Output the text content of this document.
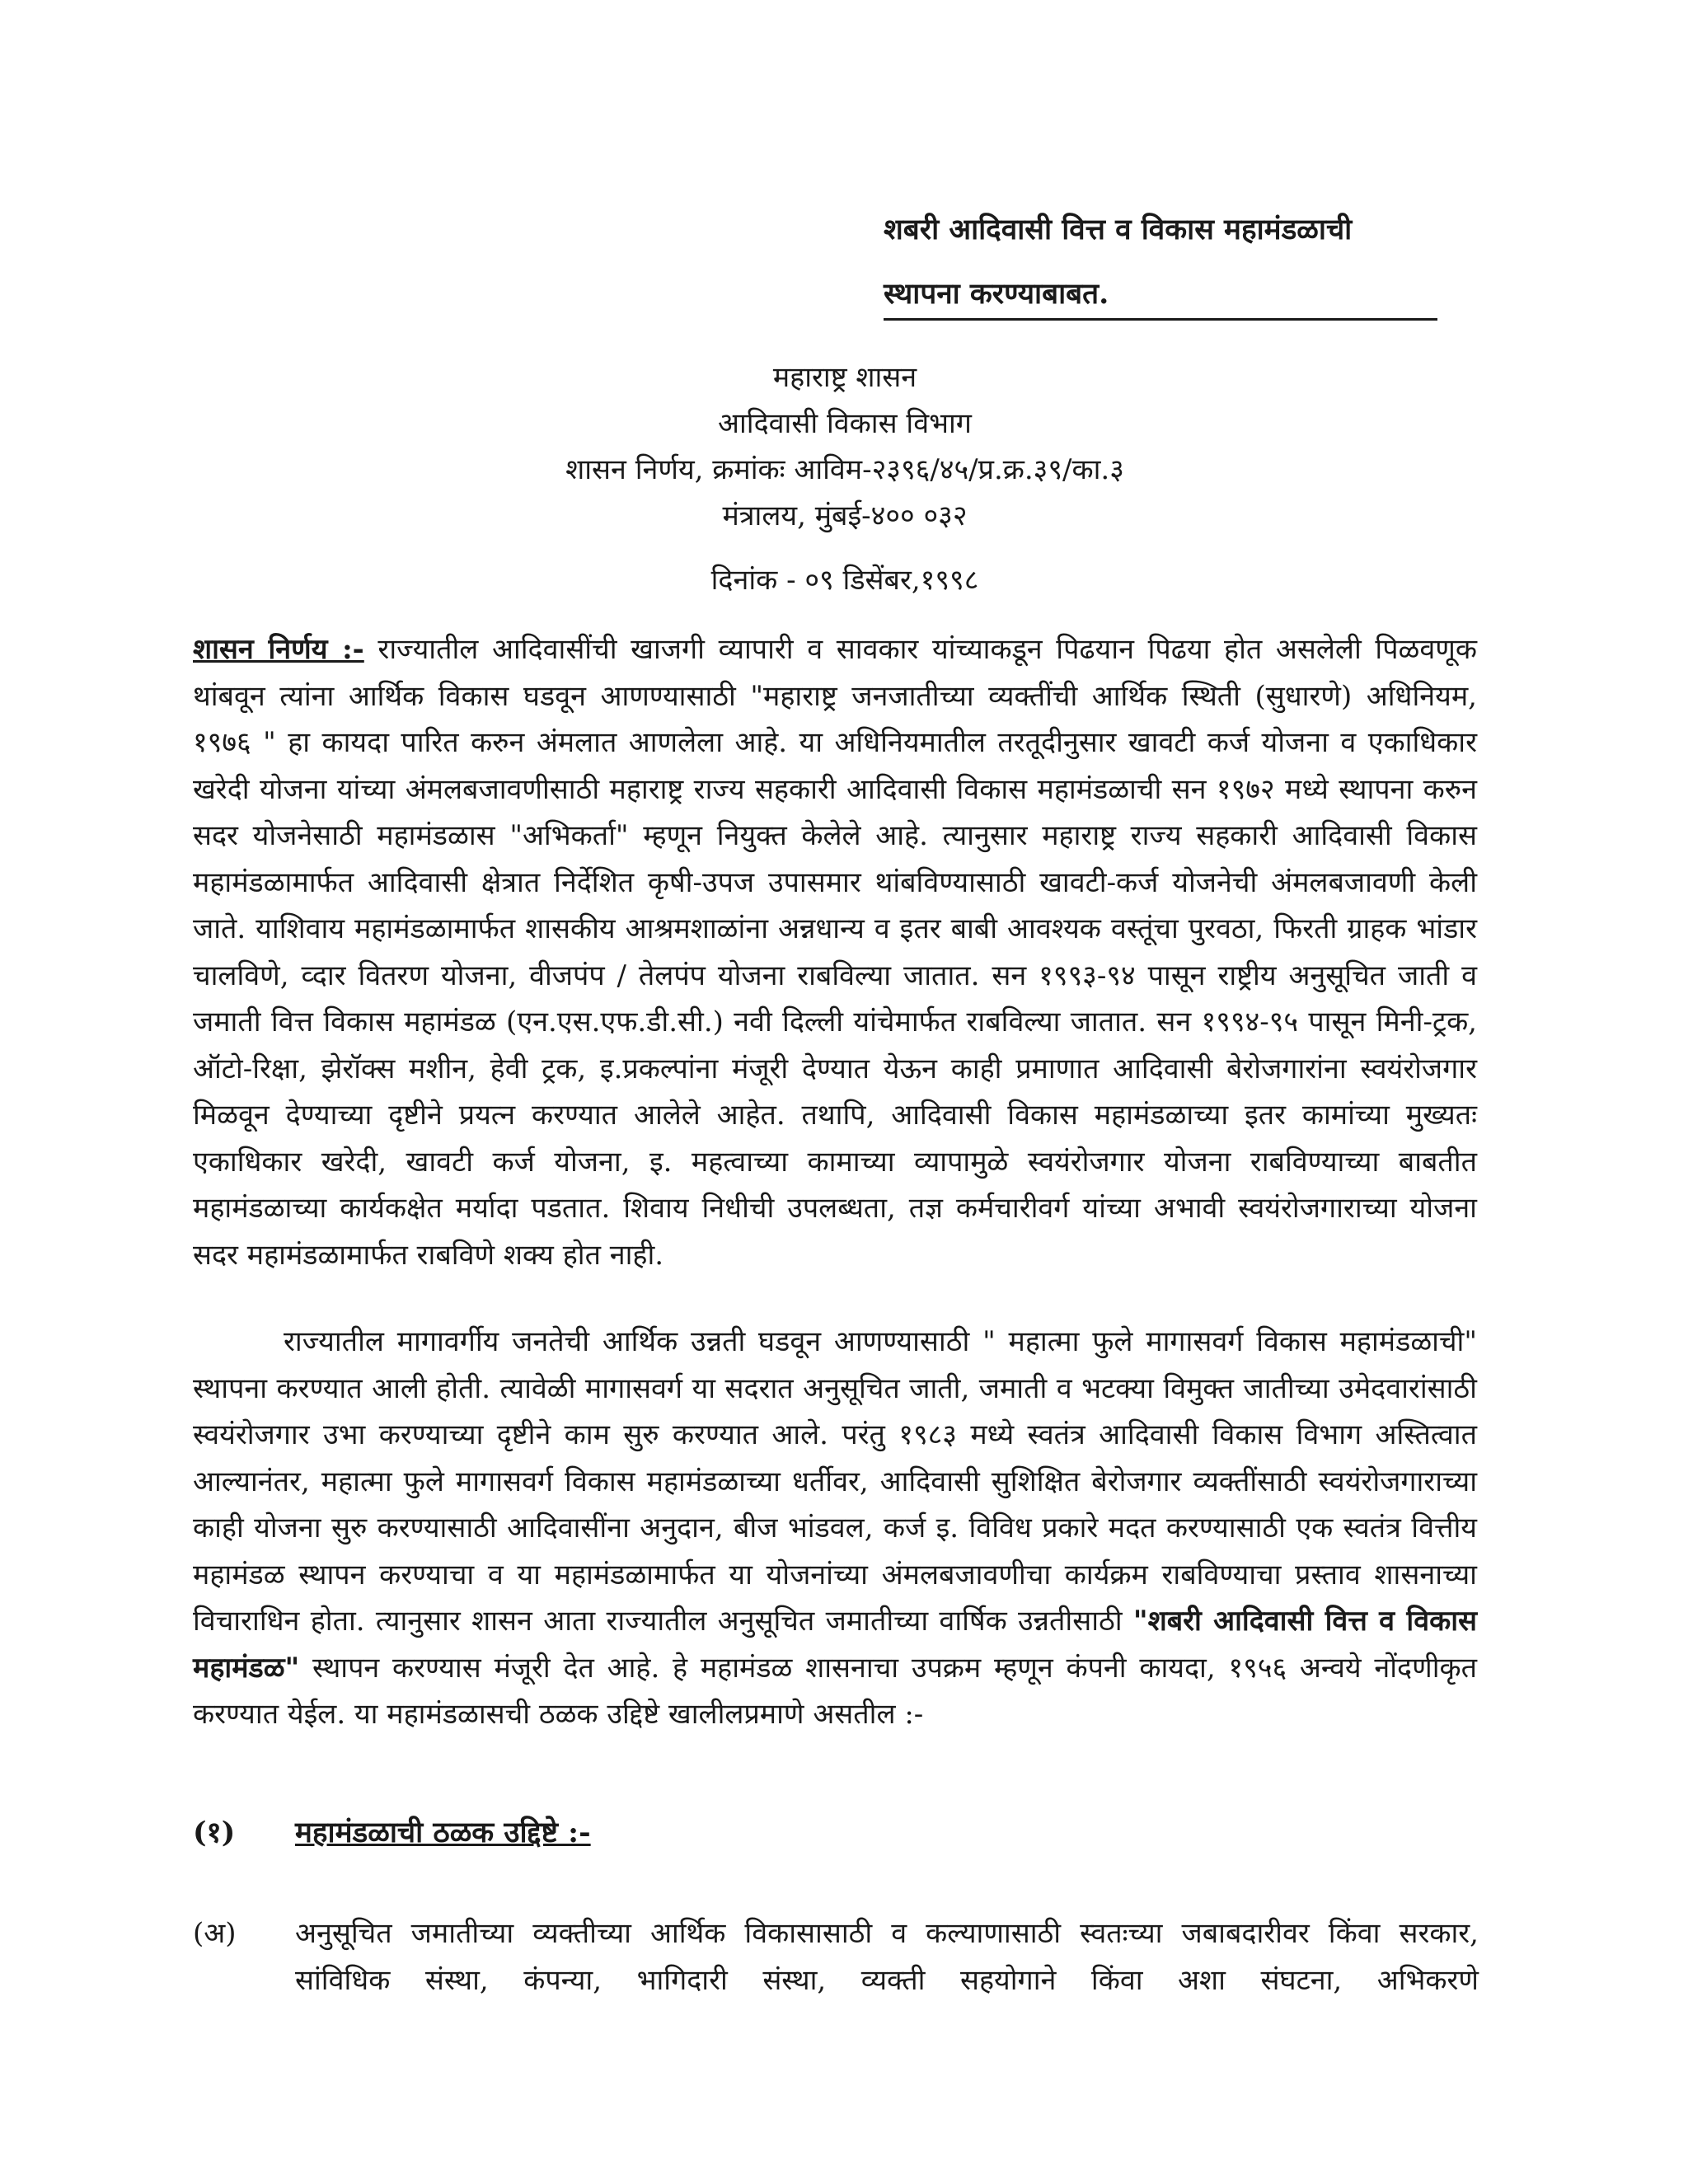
शबरी आदिवासी वित्त व विकास महामंडळाची
स्थापना करण्याबाबत.
महाराष्ट्र शासन
आदिवासी विकास विभाग
शासन निर्णय, क्रमांकः आविम-२३९६/४५/प्र.क्र.३९/का.३
मंत्रालय, मुंबई-४०० ०३२
दिनांक - ०९ डिसेंबर,१९९८
शासन निर्णय :- राज्यातील आदिवासींची खाजगी व्यापारी व सावकार यांच्याकडून पिढयान पिढया होत असलेली पिळवणूक थांबवून त्यांना आर्थिक विकास घडवून आणण्यासाठी "महाराष्ट्र जनजातीच्या व्यक्तींची आर्थिक स्थिती (सुधारणे) अधिनियम, १९७६ " हा कायदा पारित करुन अंमलात आणलेला आहे. या अधिनियमातील तरतूदीनुसार खावटी कर्ज योजना व एकाधिकार खरेदी योजना यांच्या अंमलबजावणीसाठी महाराष्ट्र राज्य सहकारी आदिवासी विकास महामंडळाची सन १९७२ मध्ये स्थापना करुन सदर योजनेसाठी महामंडळास "अभिकर्ता" म्हणून नियुक्त केलेले आहे. त्यानुसार महाराष्ट्र राज्य सहकारी आदिवासी विकास महामंडळामार्फत आदिवासी क्षेत्रात निर्देशित कृषी-उपज उपासमार थांबविण्यासाठी खावटी-कर्ज योजनेची अंमलबजावणी केली जाते. याशिवाय महामंडळामार्फत शासकीय आश्रमशाळांना अन्नधान्य व इतर बाबी आवश्यक वस्तूंचा पुरवठा, फिरती ग्राहक भांडार चालविणे, व्दार वितरण योजना, वीजपंप / तेलपंप योजना राबविल्या जातात. सन १९९३-९४ पासून राष्ट्रीय अनुसूचित जाती व जमाती वित्त विकास महामंडळ (एन.एस.एफ.डी.सी.) नवी दिल्ली यांचेमार्फत राबविल्या जातात. सन १९९४-९५ पासून मिनी-ट्रक, ऑटो-रिक्षा, झेरॉक्स मशीन, हेवी ट्रक, इ.प्रकल्पांना मंजूरी देण्यात येऊन काही प्रमाणात आदिवासी बेरोजगारांना स्वयंरोजगार मिळवून देण्याच्या दृष्टीने प्रयत्न करण्यात आलेले आहेत. तथापि, आदिवासी विकास महामंडळाच्या इतर कामांच्या मुख्यतः एकाधिकार खरेदी, खावटी कर्ज योजना, इ. महत्वाच्या कामाच्या व्यापामुळे स्वयंरोजगार योजना राबविण्याच्या बाबतीत महामंडळाच्या कार्यकक्षेत मर्यादा पडतात. शिवाय निधीची उपलब्धता, तज्ञ कर्मचारीवर्ग यांच्या अभावी स्वयंरोजगाराच्या योजना सदर महामंडळामार्फत राबविणे शक्य होत नाही.
राज्यातील मागावर्गीय जनतेची आर्थिक उन्नती घडवून आणण्यासाठी " महात्मा फुले मागासवर्ग विकास महामंडळाची" स्थापना करण्यात आली होती. त्यावेळी मागासवर्ग या सदरात अनुसूचित जाती, जमाती व भटक्या विमुक्त जातीच्या उमेदवारांसाठी स्वयंरोजगार उभा करण्याच्या दृष्टीने काम सुरु करण्यात आले. परंतु १९८३ मध्ये स्वतंत्र आदिवासी विकास विभाग अस्तित्वात आल्यानंतर, महात्मा फुले मागासवर्ग विकास महामंडळाच्या धर्तीवर, आदिवासी सुशिक्षित बेरोजगार व्यक्तींसाठी स्वयंरोजगाराच्या काही योजना सुरु करण्यासाठी आदिवासींना अनुदान, बीज भांडवल, कर्ज इ. विविध प्रकारे मदत करण्यासाठी एक स्वतंत्र वित्तीय महामंडळ स्थापन करण्याचा व या महामंडळामार्फत या योजनांच्या अंमलबजावणीचा कार्यक्रम राबविण्याचा प्रस्ताव शासनाच्या विचाराधिन होता. त्यानुसार शासन आता राज्यातील अनुसूचित जमातीच्या वार्षिक उन्नतीसाठी "शबरी आदिवासी वित्त व विकास महामंडळ" स्थापन करण्यास मंजूरी देत आहे. हे महामंडळ शासनाचा उपक्रम म्हणून कंपनी कायदा, १९५६ अन्वये नोंदणीकृत करण्यात येईल. या महामंडळासची ठळक उद्दिष्टे खालीलप्रमाणे असतील :-
(१) महामंडळाची ठळक उद्दिष्टे :-
(अ) अनुसूचित जमातीच्या व्यक्तीच्या आर्थिक विकासासाठी व कल्याणासाठी स्वतःच्या जबाबदारीवर किंवा सरकार, सांविधिक संस्था, कंपन्या, भागिदारी संस्था, व्यक्ती सहयोगाने किंवा अशा संघटना, अभिकरणे
